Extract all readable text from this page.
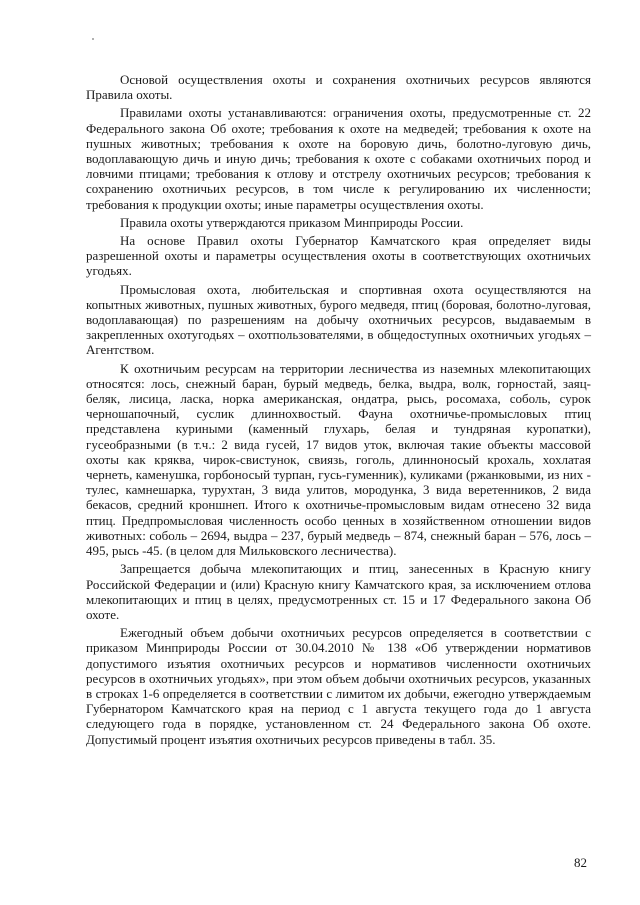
Основой осуществления охоты и сохранения охотничьих ресурсов являются Правила охоты.

Правилами охоты устанавливаются: ограничения охоты, предусмотренные ст. 22 Федерального закона Об охоте; требования к охоте на медведей; требования к охоте на пушных животных; требования к охоте на боровую дичь, болотно-луговую дичь, водоплавающую дичь и иную дичь; требования к охоте с собаками охотничьих пород и ловчими птицами; требования к отлову и отстрелу охотничьих ресурсов; требования к сохранению охотничьих ресурсов, в том числе к регулированию их численности; требования к продукции охоты; иные параметры осуществления охоты.

Правила охоты утверждаются приказом Минприроды России.

На основе Правил охоты Губернатор Камчатского края определяет виды разрешенной охоты и параметры осуществления охоты в соответствующих охотничьих угодьях.

Промысловая охота, любительская и спортивная охота осуществляются на копытных животных, пушных животных, бурого медведя, птиц (боровая, болотно-луговая, водоплавающая) по разрешениям на добычу охотничьих ресурсов, выдаваемым в закрепленных охотугодьях – охотпользователями, в общедоступных охотничьих угодьях – Агентством.

К охотничьим ресурсам на территории лесничества из наземных млекопитающих относятся: лось, снежный баран, бурый медведь, белка, выдра, волк, горностай, заяц-беляк, лисица, ласка, норка американская, ондатра, рысь, росомаха, соболь, сурок черношапочный, суслик длиннохвостый. Фауна охотничье-промысловых птиц представлена куриными (каменный глухарь, белая и тундряная куропатки), гусеобразными (в т.ч.: 2 вида гусей, 17 видов уток, включая такие объекты массовой охоты как кряква, чирок-свистунок, свиязь, гоголь, длинноносый крохаль, хохлатая чернеть, каменушка, горбоносый турпан, гусь-гуменник), куликами (ржанковыми, из них - тулес, камнешарка, турухтан, 3 вида улитов, мородунка, 3 вида веретенников, 2 вида бекасов, средний кроншнеп. Итого к охотничье-промысловым видам отнесено 32 вида птиц. Предпромысловая численность особо ценных в хозяйственном отношении видов животных: соболь – 2694, выдра – 237, бурый медведь – 874, снежный баран – 576, лось – 495, рысь -45. (в целом для Мильковского лесничества).

Запрещается добыча млекопитающих и птиц, занесенных в Красную книгу Российской Федерации и (или) Красную книгу Камчатского края, за исключением отлова млекопитающих и птиц в целях, предусмотренных ст. 15 и 17 Федерального закона Об охоте.

Ежегодный объем добычи охотничьих ресурсов определяется в соответствии с приказом Минприроды России от 30.04.2010 № 138 «Об утверждении нормативов допустимого изъятия охотничьих ресурсов и нормативов численности охотничьих ресурсов в охотничьих угодьях», при этом объем добычи охотничьих ресурсов, указанных в строках 1-6 определяется в соответствии с лимитом их добычи, ежегодно утверждаемым Губернатором Камчатского края на период с 1 августа текущего года до 1 августа следующего года в порядке, установленном ст. 24 Федерального закона Об охоте. Допустимый процент изъятия охотничьих ресурсов приведены в табл. 35.

82
